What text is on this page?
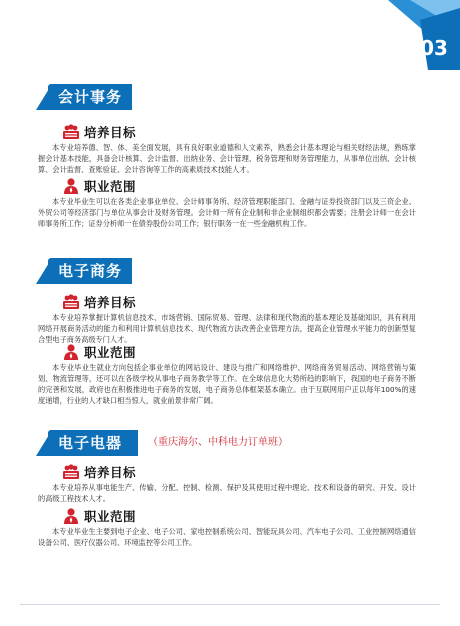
03
会计事务
培养目标
本专业培养德、智、体、美全面发展，具有良好职业道德和人文素养，熟悉会计基本理论与相关财经法规，熟练掌握会计基本技能，具备会计核算、会计监督、出纳业务、会计管理、税务管理和财务管理能力，从事单位出纳、会计核算、会计监督、查账验证、会计咨询等工作的高素质技术技能人才。
职业范围
本专业毕业生可以在各类企业事业单位、会计师事务所、经济管理职能部门、金融与证券投资部门以及三资企业、外贸公司等经济部门与单位从事会计及财务管理。会计师一所有企业制和非企业制组织都会需要；注册会计师一在会计师事务所工作；证券分析师一在债券股份公司工作；银行职务一在一些金融机构工作。
电子商务
培养目标
本专业培养掌握计算机信息技术、市场营销、国际贸易、管理、法律和现代物流的基本理论及基础知识，具有利用网络开展商务活动的能力和利用计算机信息技术、现代物流方法改善企业管理方法，提高企业管理水平能力的创新型复合型电子商务高级专门人才。
职业范围
本专业毕业生就业方向包括企事业单位的网站设计、建设与推广和网络维护、网络商务贸易活动、网络营销与策划、物流管理等，还可以在各级学校从事电子商务教学等工作。在全球信息化大势所趋的影响下，我国的电子商务不断的完善和发展，政府也在积极推进电子商务的发展，电子商务总体框架基本确立。由于互联网用户正以每年100%的速度递增，行业的人才缺口相当惊人，就业前景非常广阔。
电子电器	（重庆海尔、中科电力订单班）
培养目标
本专业培养从事电能生产、传输、分配、控制、检测、保护及其使用过程中理论、技术和设备的研究、开发、设计的高级工程技术人才。
职业范围
本专业毕业生主要到电子企业、电子公司、家电控制系统公司、智能玩具公司、汽车电子公司、工业控制网络通信设备公司、医疗仪器公司、环境监控等公司工作。
